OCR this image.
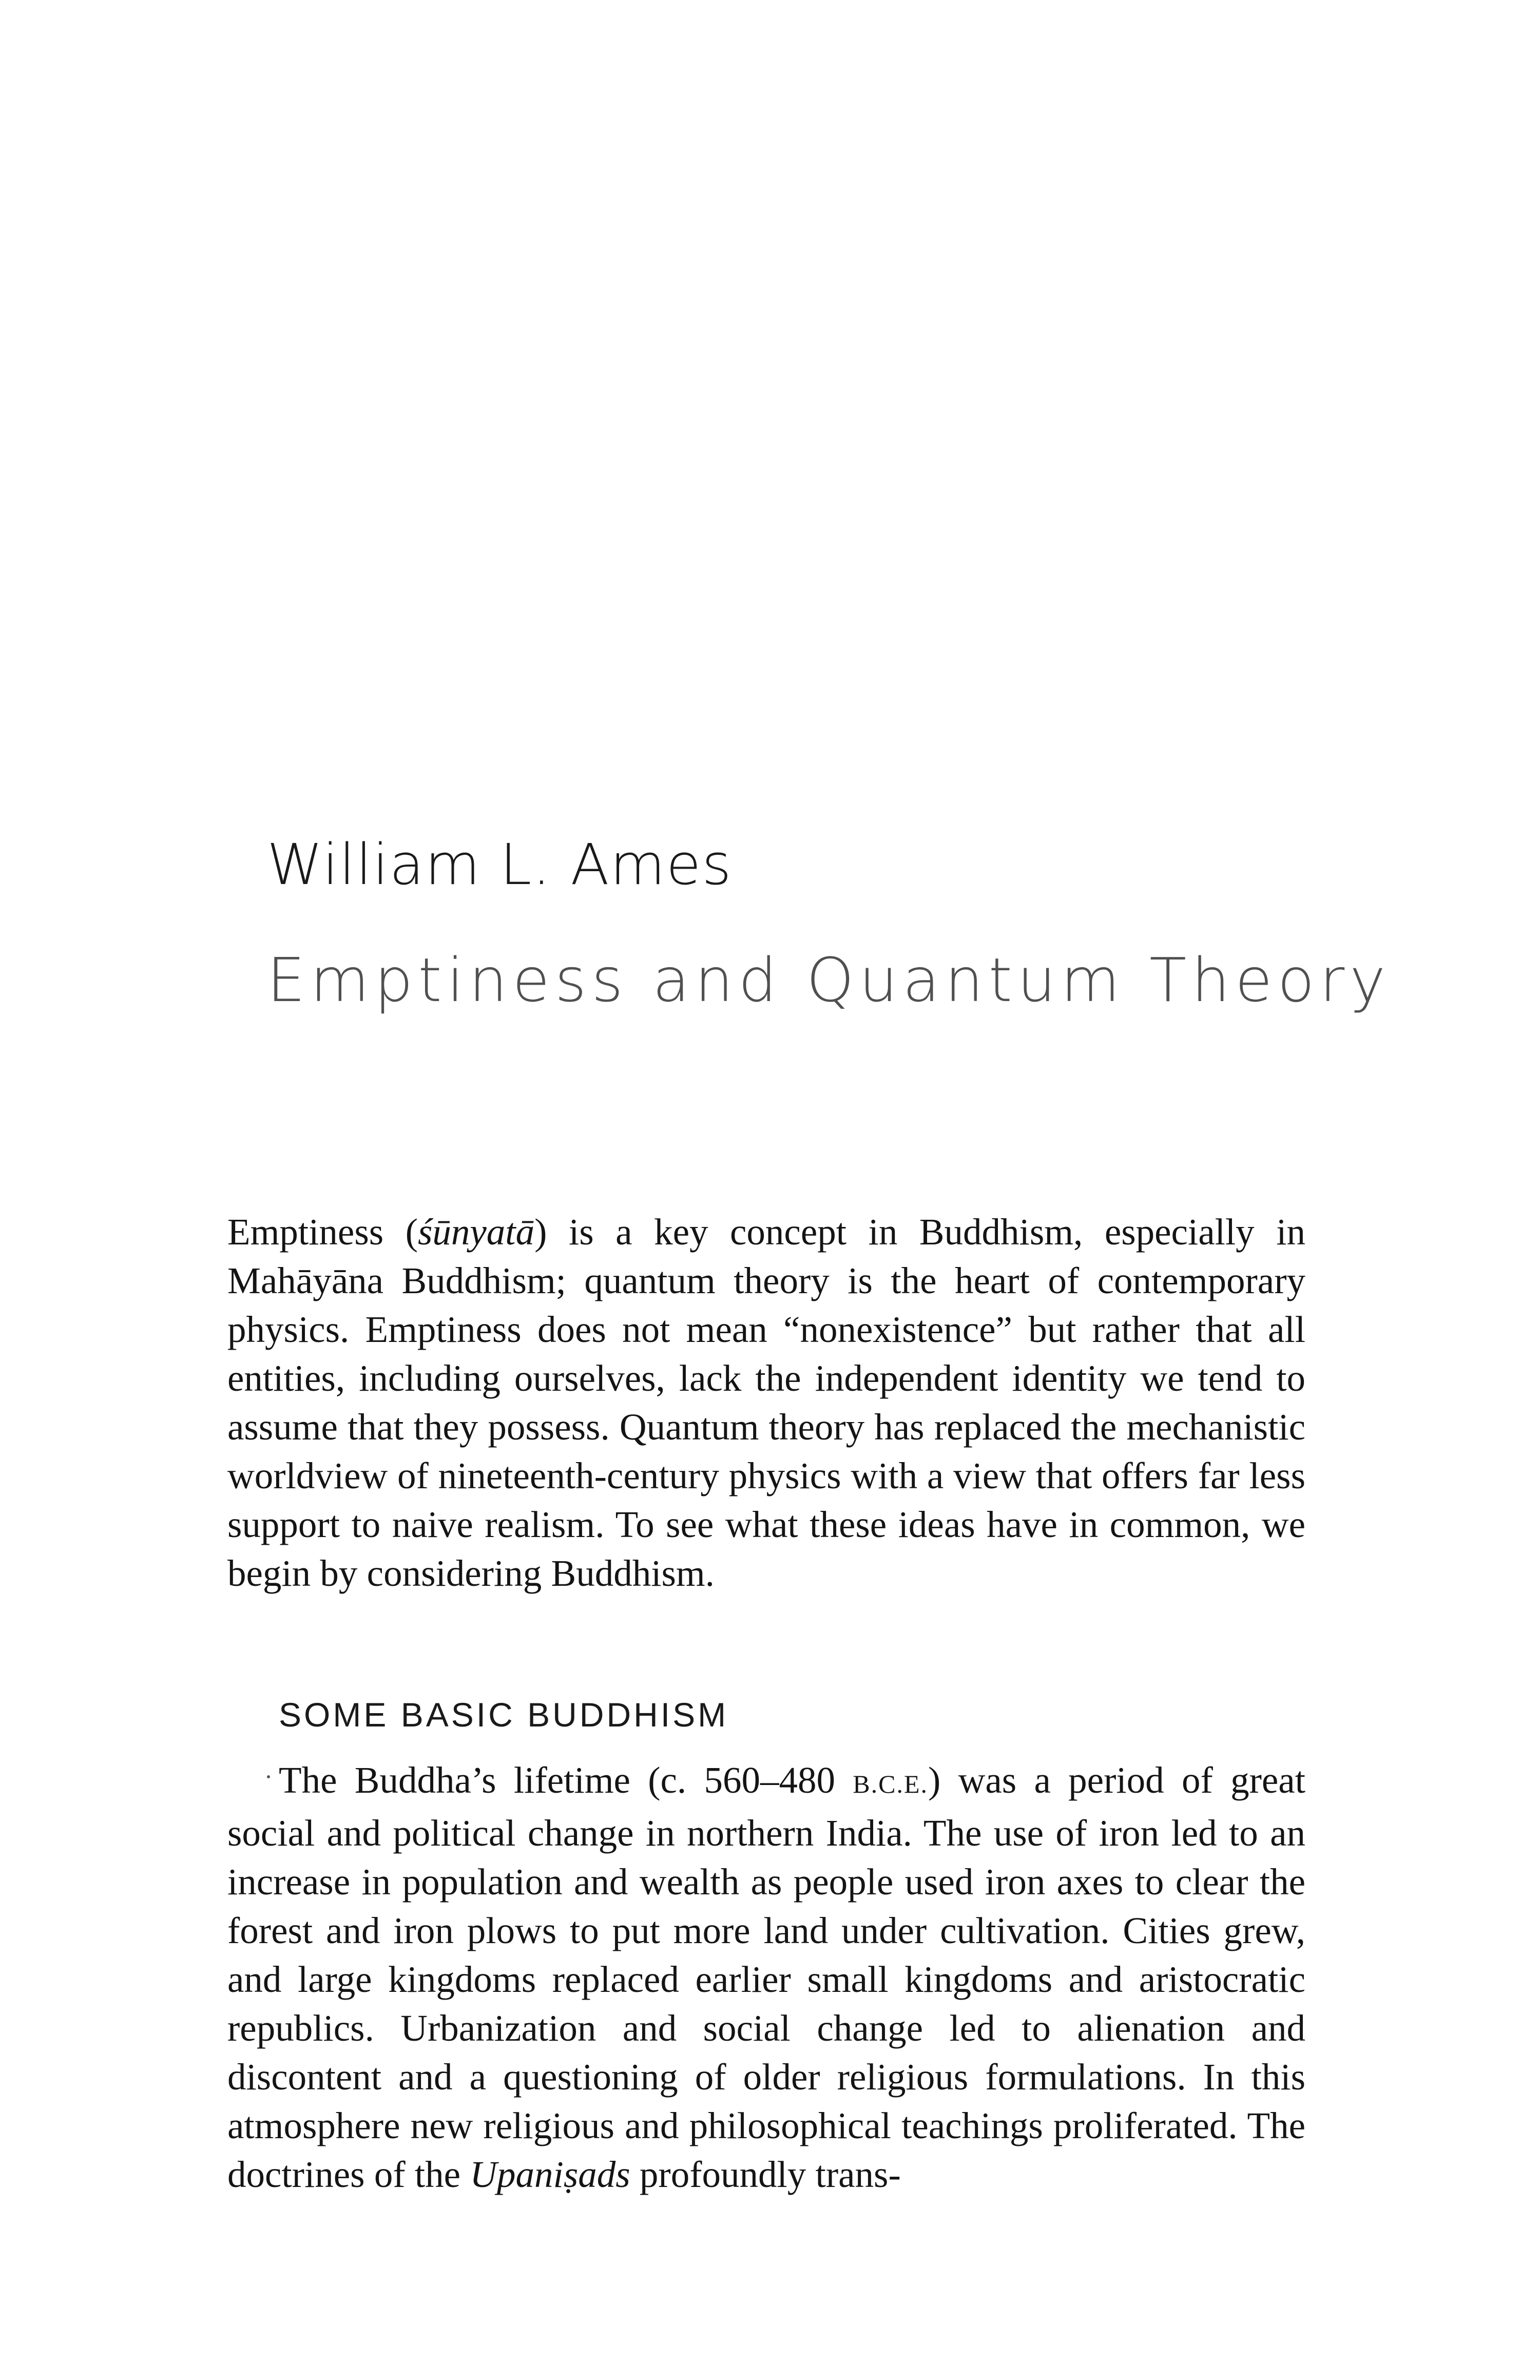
William L. Ames
Emptiness and Quantum Theory
Emptiness (śūnyatā) is a key concept in Buddhism, especially in Mahāyāna Buddhism; quantum theory is the heart of contemporary physics. Emptiness does not mean “nonexistence” but rather that all entities, including ourselves, lack the independent identity we tend to assume that they possess. Quantum theory has replaced the mechanistic worldview of nineteenth-century physics with a view that offers far less support to naive realism. To see what these ideas have in common, we begin by considering Buddhism.
SOME BASIC BUDDHISM
The Buddha’s lifetime (c. 560–480 B.C.E.) was a period of great social and political change in northern India. The use of iron led to an increase in population and wealth as people used iron axes to clear the forest and iron plows to put more land under cultivation. Cities grew, and large kingdoms replaced earlier small kingdoms and aristocratic republics. Urbanization and social change led to alienation and discontent and a questioning of older religious formulations. In this atmosphere new religious and philosophical teachings proliferated. The doctrines of the Upaniṣads profoundly trans-
